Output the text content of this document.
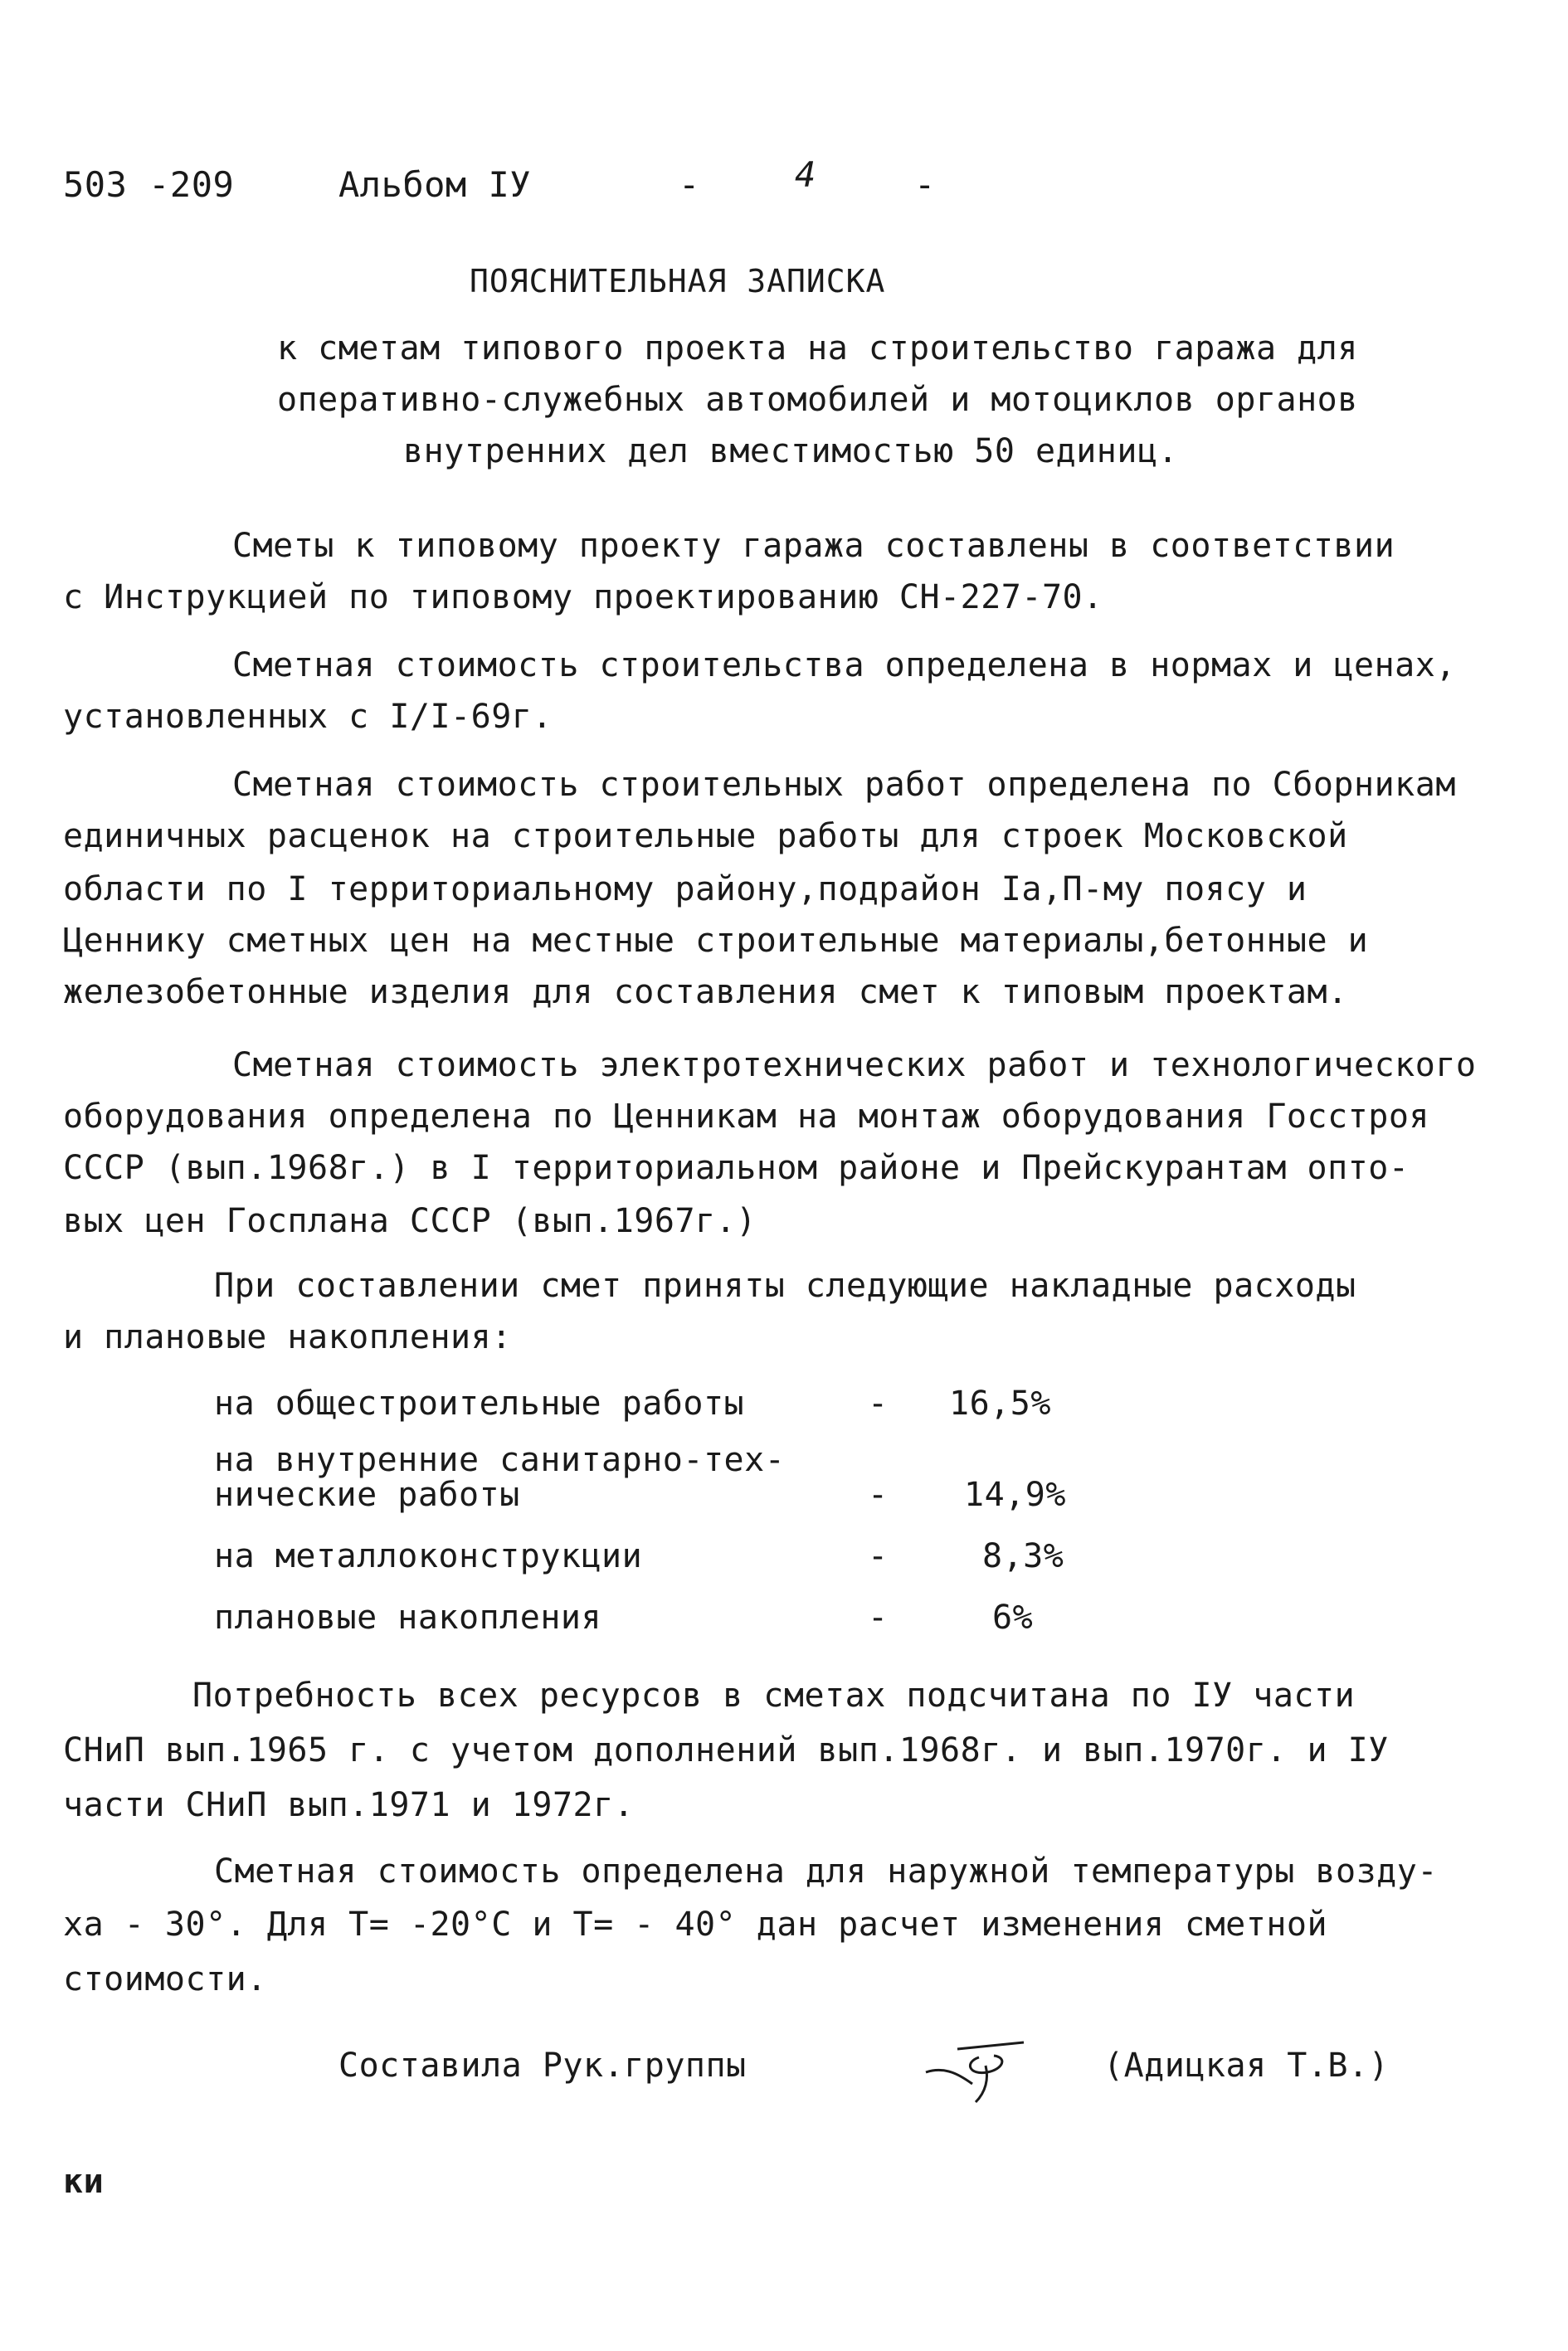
503 -209	Альбом IУ	-	4	-
ПОЯСНИТЕЛЬНАЯ ЗАПИСКА
к сметам типового проекта на строительство гаража для
оперативно-служебных автомобилей и мотоциклов органов
внутренних дел вместимостью 50 единиц.
Сметы к типовому проекту гаража составлены в соответствии
с Инструкцией по типовому проектированию СН-227-70.
Сметная стоимость строительства определена в нормах и ценах,
установленных с I/I-69г.
Сметная стоимость строительных работ определена по Сборникам
единичных расценок на строительные работы для строек Московской
области по I территориальному району,подрайон Iа,П-му поясу и
Ценнику сметных цен на местные строительные материалы,бетонные и
железобетонные изделия для составления смет к типовым проектам.
Сметная стоимость электротехнических работ и технологического
оборудования определена по Ценникам на монтаж оборудования Госстроя
СССР (вып.1968г.) в I территориальном районе и Прейскурантам опто-
вых цен Госплана СССР (вып.1967г.)
При составлении смет приняты следующие накладные расходы
и плановые накопления:
на общестроительные работы	- 16,5%
на внутренние санитарно-тех-
нические работы	- 14,9%
на металлоконструкции	-	8,3%
плановые накопления	-	6%
Потребность всех ресурсов в сметах подсчитана по IУ части
СНиП вып.1965 г. с учетом дополнений вып.1968г. и вып.1970г. и IУ
части СНиП вып.1971 и 1972г.
Сметная стоимость определена для наружной температуры возду-
ха - 30°. Для Т= -20°С и Т= - 40° дан расчет изменения сметной
стоимости.
Составила Рук.группы	(Адицкая Т.В.)
ки
